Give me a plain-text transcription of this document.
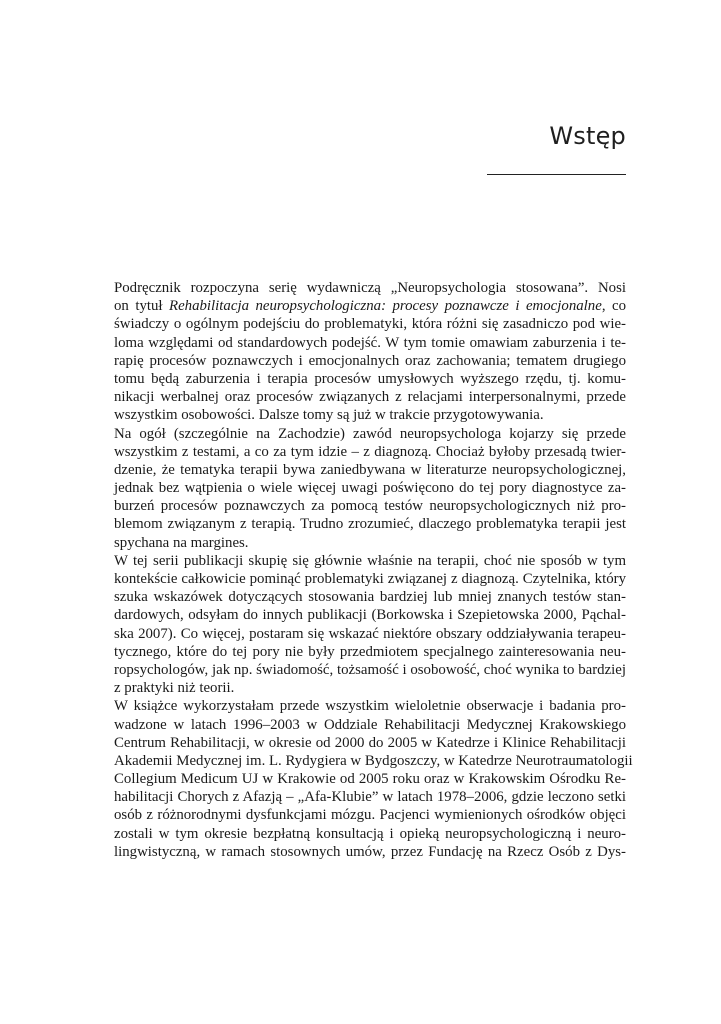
Wstęp

Podręcznik rozpoczyna serię wydawniczą „Neuropsychologia stosowana”. Nosi
on tytuł Rehabilitacja neuropsychologiczna: procesy poznawcze i emocjonalne, co
świadczy o ogólnym podejściu do problematyki, która różni się zasadniczo pod wie-
loma względami od standardowych podejść. W tym tomie omawiam zaburzenia i te-
rapię procesów poznawczych i emocjonalnych oraz zachowania; tematem drugiego
tomu będą zaburzenia i terapia procesów umysłowych wyższego rzędu, tj. komu-
nikacji werbalnej oraz procesów związanych z relacjami interpersonalnymi, przede
wszystkim osobowości. Dalsze tomy są już w trakcie przygotowywania.

Na ogół (szczególnie na Zachodzie) zawód neuropsychologa kojarzy się przede
wszystkim z testami, a co za tym idzie – z diagnozą. Chociaż byłoby przesadą twier-
dzenie, że tematyka terapii bywa zaniedbywana w literaturze neuropsychologicznej,
jednak bez wątpienia o wiele więcej uwagi poświęcono do tej pory diagnostyce za-
burzeń procesów poznawczych za pomocą testów neuropsychologicznych niż pro-
blemom związanym z terapią. Trudno zrozumieć, dlaczego problematyka terapii jest
spychana na margines.

W tej serii publikacji skupię się głównie właśnie na terapii, choć nie sposób w tym
kontekście całkowicie pominąć problematyki związanej z diagnozą. Czytelnika, który
szuka wskazówek dotyczących stosowania bardziej lub mniej znanych testów stan-
dardowych, odsyłam do innych publikacji (Borkowska i Szepietowska 2000, Pąchal-
ska 2007). Co więcej, postaram się wskazać niektóre obszary oddziaływania terapeu-
tycznego, które do tej pory nie były przedmiotem specjalnego zainteresowania neu-
ropsychologów, jak np. świadomość, tożsamość i osobowość, choć wynika to bardziej
z praktyki niż teorii.

W książce wykorzystałam przede wszystkim wieloletnie obserwacje i badania pro-
wadzone w latach 1996–2003 w Oddziale Rehabilitacji Medycznej Krakowskiego
Centrum Rehabilitacji, w okresie od 2000 do 2005 w Katedrze i Klinice Rehabilitacji
Akademii Medycznej im. L. Rydygiera w Bydgoszczy, w Katedrze Neurotraumatologii
Collegium Medicum UJ w Krakowie od 2005 roku oraz w Krakowskim Ośrodku Re-
habilitacji Chorych z Afazją – „Afa-Klubie” w latach 1978–2006, gdzie leczono setki
osób z różnorodnymi dysfunkcjami mózgu. Pacjenci wymienionych ośrodków objęci
zostali w tym okresie bezpłatną konsultacją i opieką neuropsychologiczną i neuro-
lingwistyczną, w ramach stosownych umów, przez Fundację na Rzecz Osób z Dys-
